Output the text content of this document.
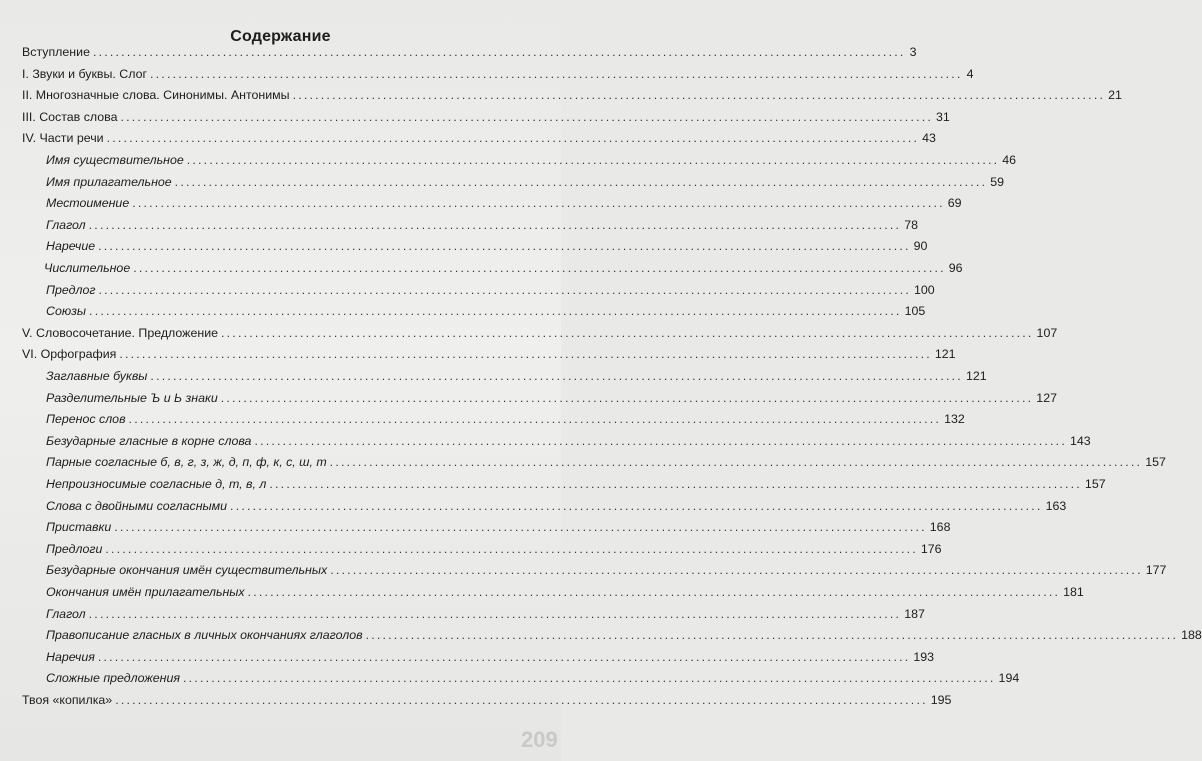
Содержание
Вступление ................................................................................................................................................ 3
I. Звуки и буквы. Слог ................................................................................................................................................ 4
II. Многозначные слова. Синонимы. Антонимы ................................................................................................................................................ 21
III. Состав слова ................................................................................................................................................ 31
IV. Части речи ................................................................................................................................................ 43
Имя существительное ................................................................................................................................................ 46
Имя прилагательное ................................................................................................................................................ 59
Местоимение ................................................................................................................................................ 69
Глагол ................................................................................................................................................ 78
Наречие ................................................................................................................................................ 90
Числительное ................................................................................................................................................ 96
Предлог ................................................................................................................................................ 100
Союзы ................................................................................................................................................ 105
V. Словосочетание. Предложение ................................................................................................................................................ 107
VI. Орфография ................................................................................................................................................ 121
Заглавные буквы ................................................................................................................................................ 121
Разделительные Ъ и Ь знаки ................................................................................................................................................ 127
Перенос слов ................................................................................................................................................ 132
Безударные гласные в корне слова ................................................................................................................................................ 143
Парные согласные б, в, г, з, ж, д, п, ф, к, с, ш, т ................................................................................................................................................ 157
Непроизносимые согласные д, т, в, л ................................................................................................................................................ 157
Слова с двойными согласными ................................................................................................................................................ 163
Приставки ................................................................................................................................................ 168
Предлоги ................................................................................................................................................ 176
Безударные окончания имён существительных ................................................................................................................................................ 177
Окончания имён прилагательных ................................................................................................................................................ 181
Глагол ................................................................................................................................................ 187
Правописание гласных в личных окончаниях глаголов ................................................................................................................................................ 188
Наречия ................................................................................................................................................ 193
Сложные предложения ................................................................................................................................................ 194
Твоя «копилка» ................................................................................................................................................ 195
209
